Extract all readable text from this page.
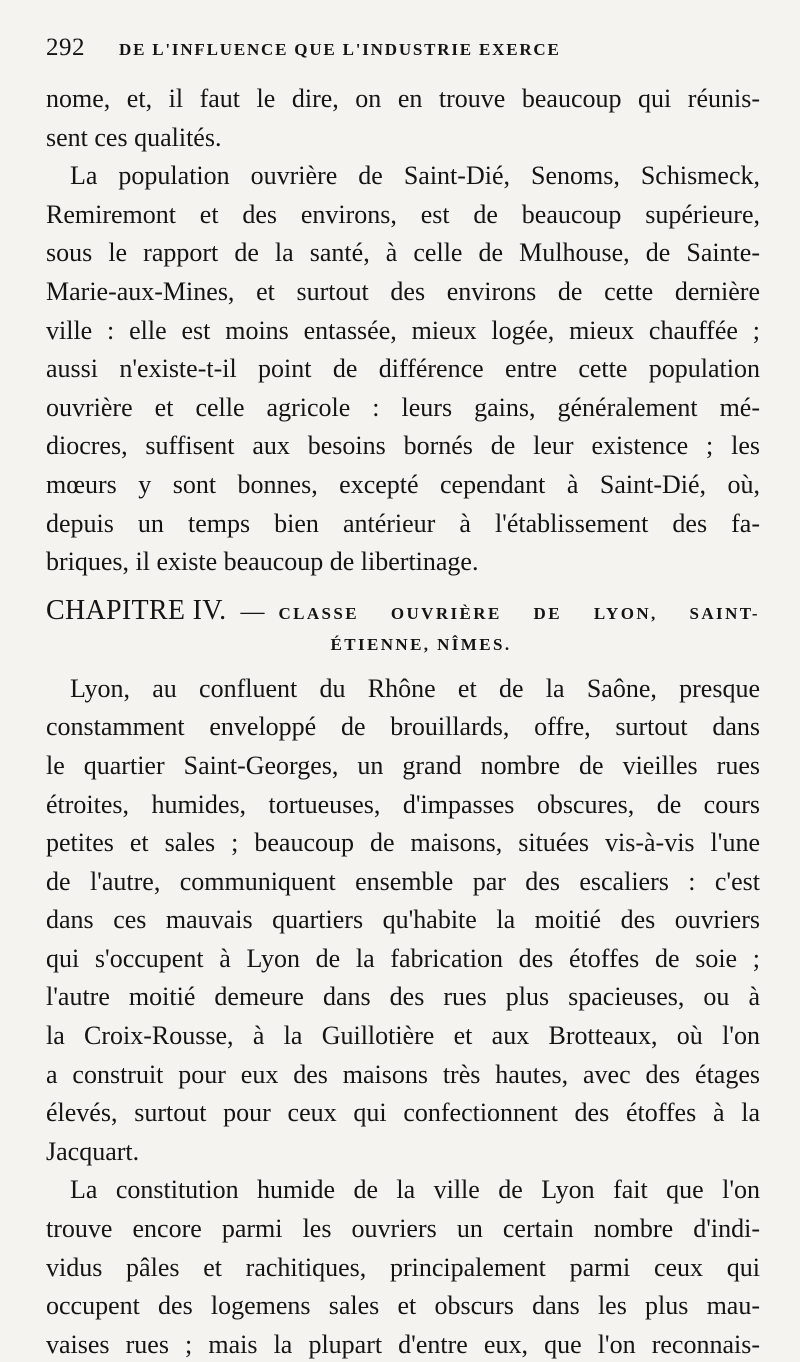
292 DE L'INFLUENCE QUE L'INDUSTRIE EXERCE
nome, et, il faut le dire, on en trouve beaucoup qui réunis-
sent ces qualités.
La population ouvrière de Saint-Dié, Senoms, Schismeck,
Remiremont et des environs, est de beaucoup supérieure,
sous le rapport de la santé, à celle de Mulhouse, de Sainte-
Marie-aux-Mines, et surtout des environs de cette dernière
ville : elle est moins entassée, mieux logée, mieux chauffée ;
aussi n'existe-t-il point de différence entre cette population
ouvrière et celle agricole : leurs gains, généralement mé-
diocres, suffisent aux besoins bornés de leur existence ; les
mœurs y sont bonnes, excepté cependant à Saint-Dié, où,
depuis un temps bien antérieur à l'établissement des fa-
briques, il existe beaucoup de libertinage.
CHAPITRE IV. — CLASSE OUVRIÈRE DE LYON, SAINT-
ÉTIENNE, NÎMES.
Lyon, au confluent du Rhône et de la Saône, presque
constamment enveloppé de brouillards, offre, surtout dans
le quartier Saint-Georges, un grand nombre de vieilles rues
étroites, humides, tortueuses, d'impasses obscures, de cours
petites et sales ; beaucoup de maisons, situées vis-à-vis l'une
de l'autre, communiquent ensemble par des escaliers : c'est
dans ces mauvais quartiers qu'habite la moitié des ouvriers
qui s'occupent à Lyon de la fabrication des étoffes de soie ;
l'autre moitié demeure dans des rues plus spacieuses, ou à
la Croix-Rousse, à la Guillotière et aux Brotteaux, où l'on
a construit pour eux des maisons très hautes, avec des étages
élevés, surtout pour ceux qui confectionnent des étoffes à la
Jacquart.
La constitution humide de la ville de Lyon fait que l'on
trouve encore parmi les ouvriers un certain nombre d'indi-
vidus pâles et rachitiques, principalement parmi ceux qui
occupent des logemens sales et obscurs dans les plus mau-
vaises rues ; mais la plupart d'entre eux, que l'on reconnais-
